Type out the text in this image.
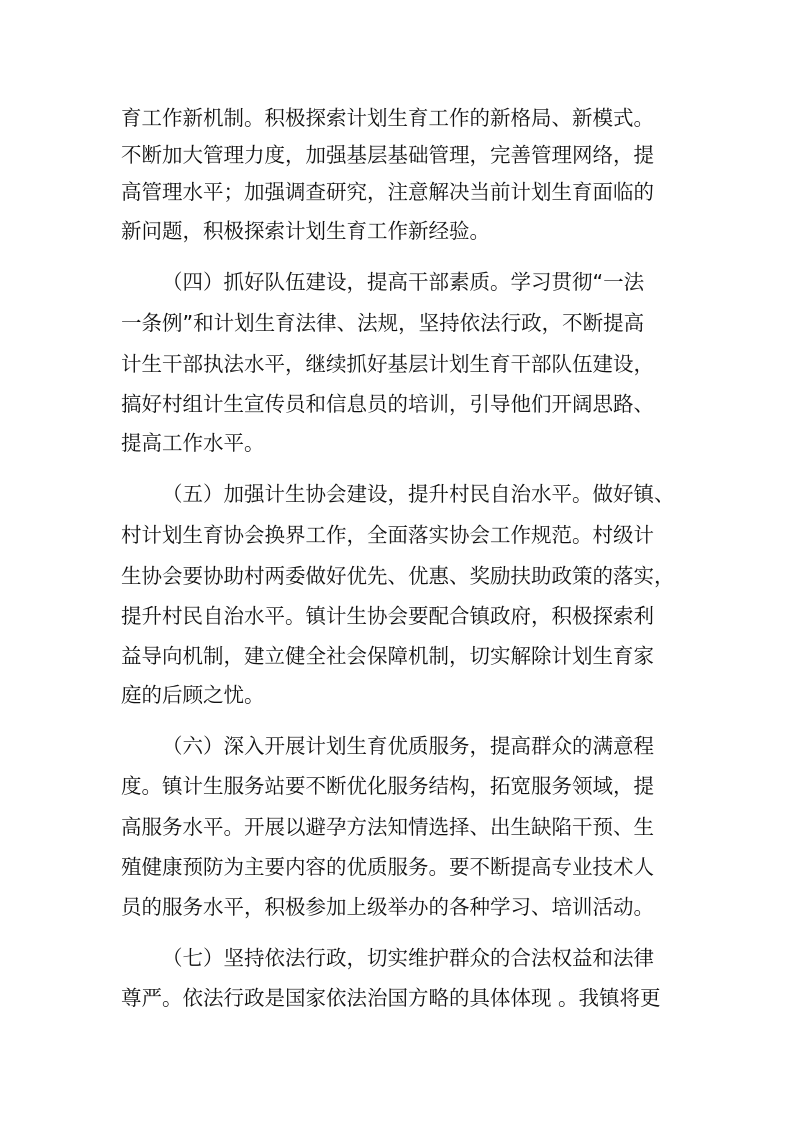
育工作新机制。积极探索计划生育工作的新格局、新模式。
不断加大管理力度，加强基层基础管理，完善管理网络，提
高管理水平；加强调查研究，注意解决当前计划生育面临的
新问题，积极探索计划生育工作新经验。
（四）抓好队伍建设，提高干部素质。学习贯彻“一法
一条例”和计划生育法律、法规，坚持依法行政，不断提高
计生干部执法水平，继续抓好基层计划生育干部队伍建设，
搞好村组计生宣传员和信息员的培训，引导他们开阔思路、
提高工作水平。
（五）加强计生协会建设，提升村民自治水平。做好镇、
村计划生育协会换界工作，全面落实协会工作规范。村级计
生协会要协助村两委做好优先、优惠、奖励扶助政策的落实，
提升村民自治水平。镇计生协会要配合镇政府，积极探索利
益导向机制，建立健全社会保障机制，切实解除计划生育家
庭的后顾之忧。
（六）深入开展计划生育优质服务，提高群众的满意程
度。镇计生服务站要不断优化服务结构，拓宽服务领域，提
高服务水平。开展以避孕方法知情选择、出生缺陷干预、生
殖健康预防为主要内容的优质服务。要不断提高专业技术人
员的服务水平，积极参加上级举办的各种学习、培训活动。
（七）坚持依法行政，切实维护群众的合法权益和法律
尊严。依法行政是国家依法治国方略的具体体现 。我镇将更
